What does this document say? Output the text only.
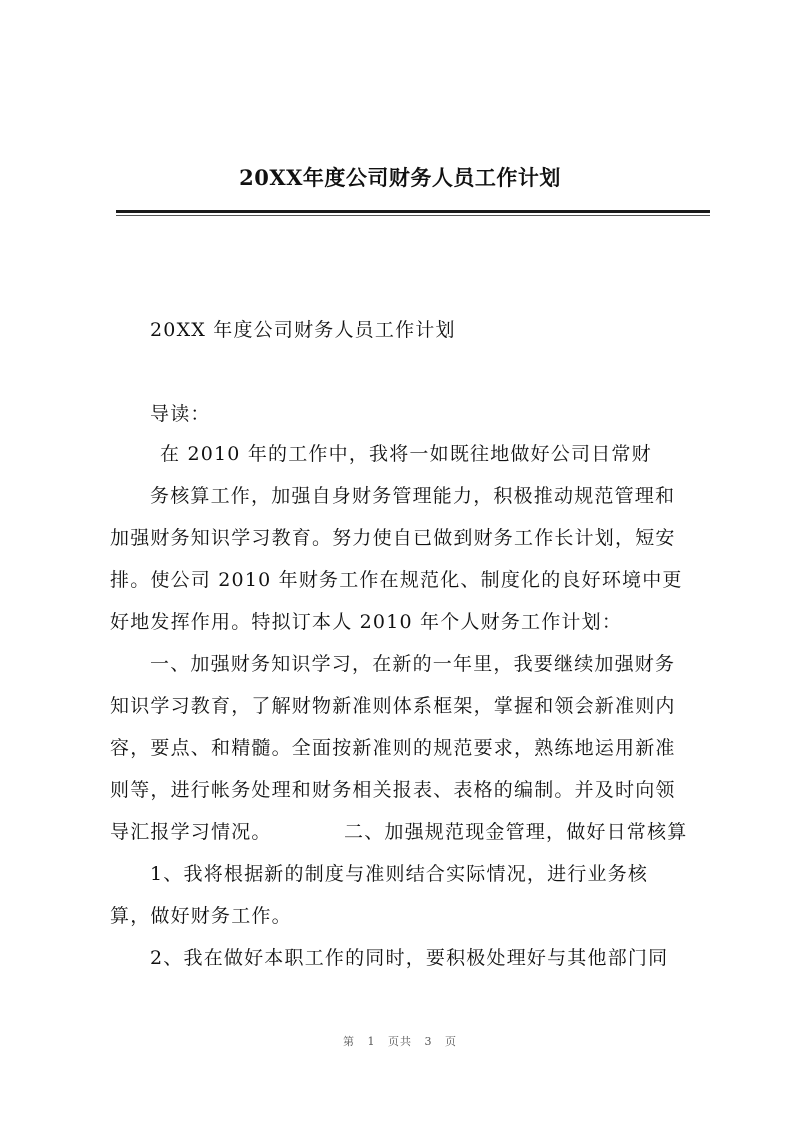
20XX年度公司财务人员工作计划
20XX 年度公司财务人员工作计划
导读：
在 2010 年的工作中，我将一如既往地做好公司日常财
务核算工作，加强自身财务管理能力，积极推动规范管理和
加强财务知识学习教育。努力使自已做到财务工作长计划，短安
排。使公司 2010 年财务工作在规范化、制度化的良好环境中更
好地发挥作用。特拟订本人 2010 年个人财务工作计划：
一、加强财务知识学习，在新的一年里，我要继续加强财务
知识学习教育，了解财物新准则体系框架，掌握和领会新准则内
容，要点、和精髓。全面按新准则的规范要求，熟练地运用新准
则等，进行帐务处理和财务相关报表、表格的编制。并及时向领
导汇报学习情况。          二、加强规范现金管理，做好日常核算
1、我将根据新的制度与准则结合实际情况，进行业务核
算，做好财务工作。
2、我在做好本职工作的同时，要积极处理好与其他部门同
第 1 页共 3 页
